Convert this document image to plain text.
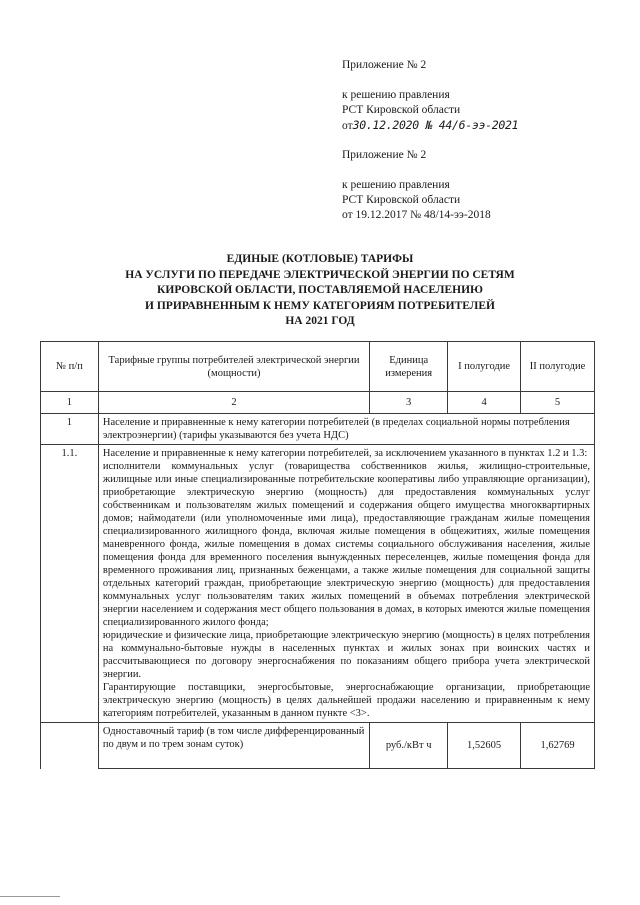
Приложение № 2
к решению правления
РСТ Кировской области
от30.12.2020 № 44/6-ээ-2021
Приложение № 2
к решению правления
РСТ Кировской области
от 19.12.2017 № 48/14-ээ-2018
ЕДИНЫЕ (КОТЛОВЫЕ) ТАРИФЫ
НА УСЛУГИ ПО ПЕРЕДАЧЕ ЭЛЕКТРИЧЕСКОЙ ЭНЕРГИИ ПО СЕТЯМ
КИРОВСКОЙ ОБЛАСТИ, ПОСТАВЛЯЕМОЙ НАСЕЛЕНИЮ
И ПРИРАВНЕННЫМ К НЕМУ КАТЕГОРИЯМ ПОТРЕБИТЕЛЕЙ
НА 2021 ГОД
№ п/п	Тарифные группы потребителей электрической энергии (мощности)	Единица измерения	I полугодие	II полугодие
1	2	3	4	5
1	Население и приравненные к нему категории потребителей (в пределах социальной нормы потребления электроэнергии) (тарифы указываются без учета НДС)			
1.1.	Население и приравненные к нему категории потребителей, за исключением указанного в пунктах 1.2 и 1.3:
исполнители коммунальных услуг (товарищества собственников жилья, жилищно-строительные, жилищные или иные специализированные потребительские кооперативы либо управляющие организации), приобретающие электрическую энергию (мощность) для предоставления коммунальных услуг собственникам и пользователям жилых помещений и содержания общего имущества многоквартирных домов; наймодатели (или уполномоченные ими лица), предоставляющие гражданам жилые помещения специализированного жилищного фонда, включая жилые помещения в общежитиях, жилые помещения маневренного фонда, жилые помещения в домах системы социального обслуживания населения, жилые помещения фонда для временного поселения вынужденных переселенцев, жилые помещения фонда для временного проживания лиц, признанных беженцами, а также жилые помещения для социальной защиты отдельных категорий граждан, приобретающие электрическую энергию (мощность) для предоставления коммунальных услуг пользователям таких жилых помещений в объемах потребления электрической энергии населением и содержания мест общего пользования в домах, в которых имеются жилые помещения специализированного жилого фонда;
юридические и физические лица, приобретающие электрическую энергию (мощность) в целях потребления на коммунально-бытовые нужды в населенных пунктах и жилых зонах при воинских частях и рассчитывающиеся по договору энергоснабжения по показаниям общего прибора учета электрической энергии.
Гарантирующие поставщики, энергосбытовые, энергоснабжающие организации, приобретающие электрическую энергию (мощность) в целях дальнейшей продажи населению и приравненным к нему категориям потребителей, указанным в данном пункте <3>.			

	Одноставочный тариф (в том числе дифференцированный по двум и по трем зонам суток)	руб./кВт ч	1,52605	1,62769
